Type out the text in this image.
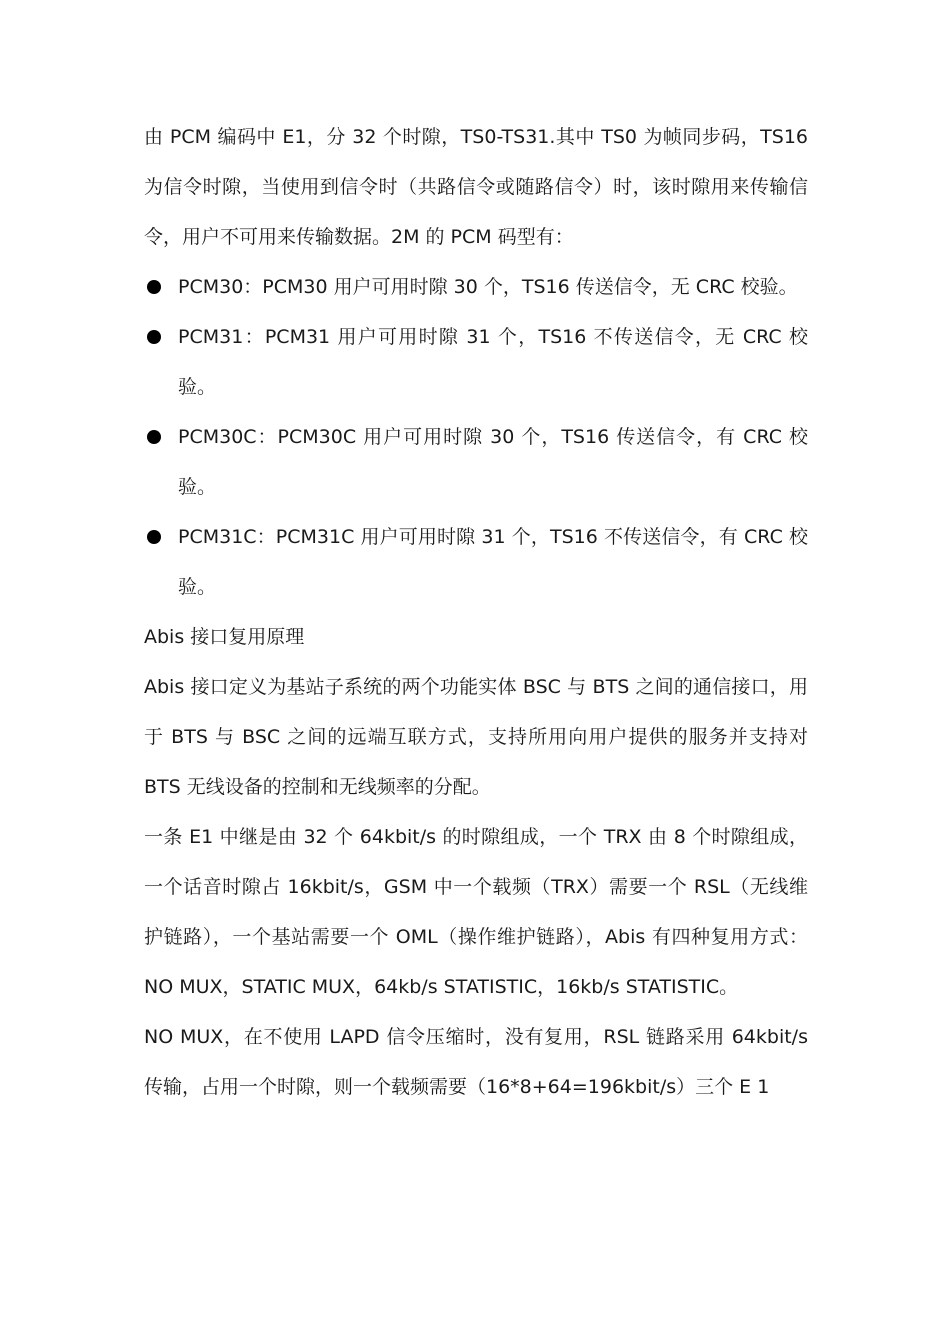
由 PCM 编码中 E1，分 32 个时隙，TS0-TS31.其中 TS0 为帧同步码，TS16 为信令时隙，当使用到信令时（共路信令或随路信令）时，该时隙用来传输信令，用户不可用来传输数据。2M 的 PCM 码型有：

PCM30：PCM30 用户可用时隙 30 个，TS16 传送信令，无 CRC 校验。
PCM31：PCM31 用户可用时隙 31 个，TS16 不传送信令，无 CRC 校验。
PCM30C：PCM30C 用户可用时隙 30 个，TS16 传送信令，有 CRC 校验。
PCM31C：PCM31C 用户可用时隙 31 个，TS16 不传送信令，有 CRC 校验。

Abis 接口复用原理

Abis 接口定义为基站子系统的两个功能实体 BSC 与 BTS 之间的通信接口，用于 BTS 与 BSC 之间的远端互联方式，支持所用向用户提供的服务并支持对 BTS 无线设备的控制和无线频率的分配。

一条 E1 中继是由 32 个 64kbit/s 的时隙组成，一个 TRX 由 8 个时隙组成，一个话音时隙占 16kbit/s，GSM 中一个载频（TRX）需要一个 RSL（无线维护链路），一个基站需要一个 OML（操作维护链路），Abis 有四种复用方式：NO MUX，STATIC MUX，64kb/s STATISTIC，16kb/s STATISTIC。

NO MUX，在不使用 LAPD 信令压缩时，没有复用，RSL 链路采用 64kbit/s 传输，占用一个时隙，则一个载频需要（16*8+64=196kbit/s）三个 E 1
